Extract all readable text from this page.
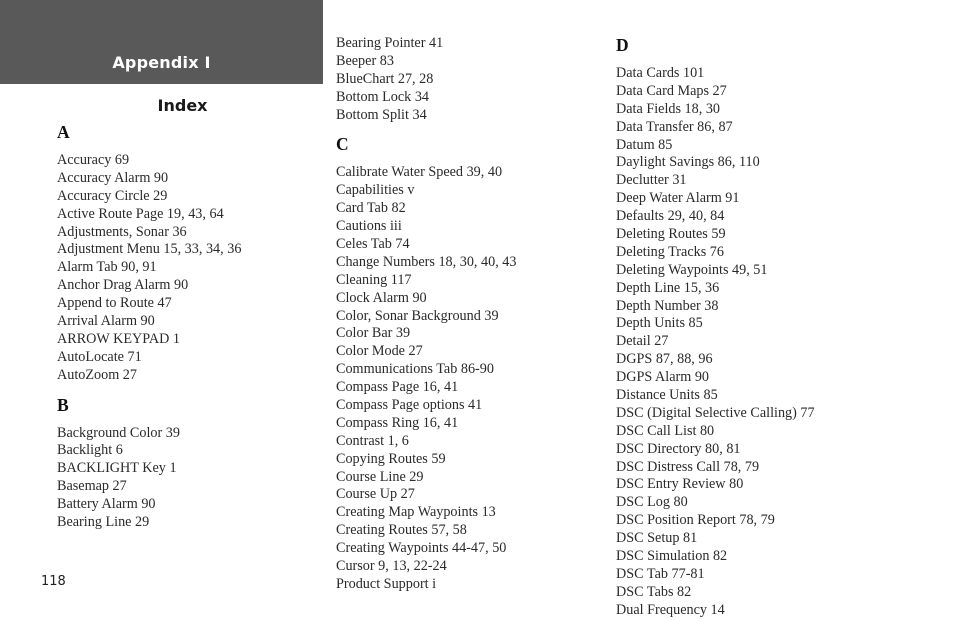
Appendix I
Index
A
Accuracy 69
Accuracy Alarm 90
Accuracy Circle 29
Active Route Page 19, 43, 64
Adjustments, Sonar 36
Adjustment Menu 15, 33, 34, 36
Alarm Tab 90, 91
Anchor Drag Alarm 90
Append to Route 47
Arrival Alarm 90
ARROW KEYPAD 1
AutoLocate 71
AutoZoom 27
B
Background Color 39
Backlight 6
BACKLIGHT Key 1
Basemap 27
Battery Alarm 90
Bearing Line 29
Bearing Pointer 41
Beeper 83
BlueChart 27, 28
Bottom Lock 34
Bottom Split 34
C
Calibrate Water Speed 39, 40
Capabilities v
Card Tab 82
Cautions iii
Celes Tab 74
Change Numbers 18, 30, 40, 43
Cleaning 117
Clock Alarm 90
Color, Sonar Background 39
Color Bar 39
Color Mode 27
Communications Tab 86-90
Compass Page 16, 41
Compass Page options 41
Compass Ring 16, 41
Contrast 1, 6
Copying Routes 59
Course Line 29
Course Up 27
Creating Map Waypoints 13
Creating Routes 57, 58
Creating Waypoints 44-47, 50
Cursor 9, 13, 22-24
Product Support i
D
Data Cards 101
Data Card Maps 27
Data Fields 18, 30
Data Transfer 86, 87
Datum 85
Daylight Savings 86, 110
Declutter 31
Deep Water Alarm 91
Defaults 29, 40, 84
Deleting Routes 59
Deleting Tracks 76
Deleting Waypoints 49, 51
Depth Line 15, 36
Depth Number 38
Depth Units 85
Detail 27
DGPS 87, 88, 96
DGPS Alarm 90
Distance Units 85
DSC (Digital Selective Calling) 77
DSC Call List 80
DSC Directory 80, 81
DSC Distress Call 78, 79
DSC Entry Review 80
DSC Log 80
DSC Position Report 78, 79
DSC Setup 81
DSC Simulation 82
DSC Tab 77-81
DSC Tabs 82
Dual Frequency 14
118
